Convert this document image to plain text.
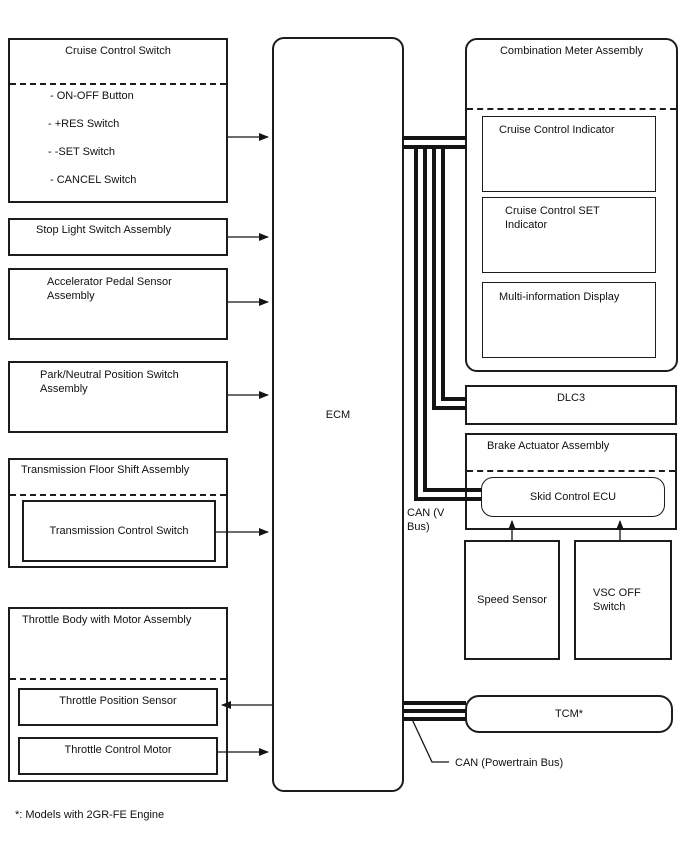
Cruise Control Switch
- ON-OFF Button
- +RES Switch
- -SET Switch
- CANCEL Switch
Stop Light Switch Assembly
Accelerator Pedal Sensor Assembly
Park/Neutral Position Switch Assembly
Transmission Floor Shift Assembly
Transmission Control Switch
Throttle Body with Motor Assembly
Throttle Position Sensor
Throttle Control Motor
ECM
Combination Meter Assembly
Cruise Control Indicator
Cruise Control SET Indicator
Multi-information Display
DLC3
Brake Actuator Assembly
Skid Control ECU
Speed Sensor
VSC OFF Switch
TCM*
CAN (V Bus)
CAN (Powertrain Bus)
*: Models with 2GR-FE Engine
